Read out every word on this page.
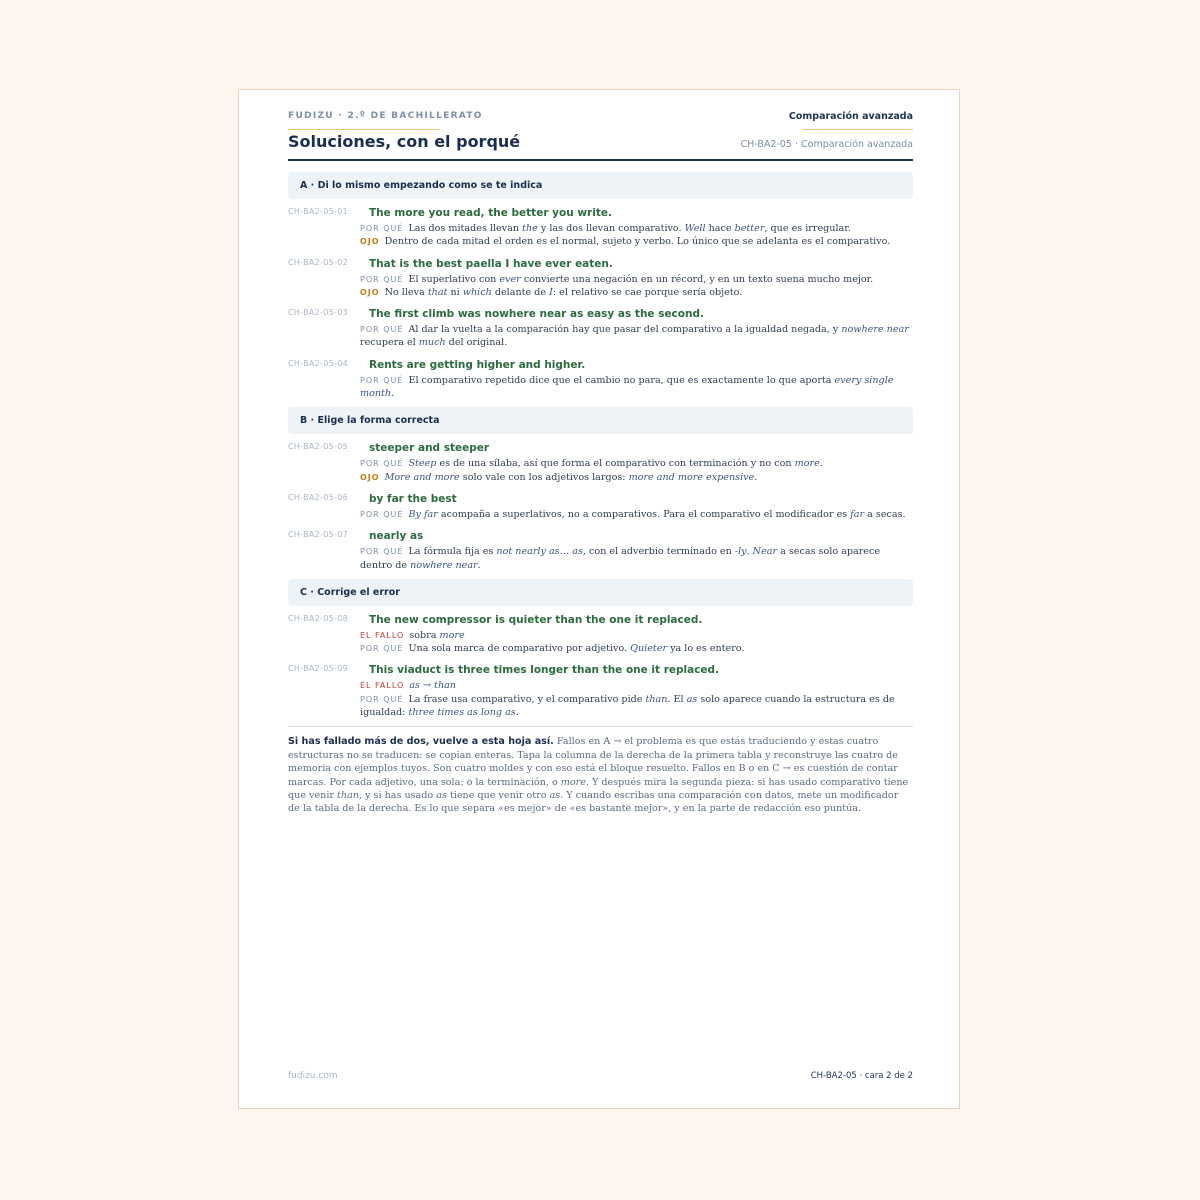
FUDIZU · 2.º DE BACHILLERATO	Comparación avanzada
Soluciones, con el porqué	CH-BA2-05 · Comparación avanzada
A · Di lo mismo empezando como se te indica
CH-BA2-05-01 The more you read, the better you write.
POR QUÉ Las dos mitades llevan the y las dos llevan comparativo. Well hace better, que es irregular.
OJO Dentro de cada mitad el orden es el normal, sujeto y verbo. Lo único que se adelanta es el comparativo.
CH-BA2-05-02 That is the best paella I have ever eaten.
POR QUÉ El superlativo con ever convierte una negación en un récord, y en un texto suena mucho mejor.
OJO No lleva that ni which delante de I: el relativo se cae porque sería objeto.
CH-BA2-05-03 The first climb was nowhere near as easy as the second.
POR QUÉ Al dar la vuelta a la comparación hay que pasar del comparativo a la igualdad negada, y nowhere near recupera el much del original.
CH-BA2-05-04 Rents are getting higher and higher.
POR QUÉ El comparativo repetido dice que el cambio no para, que es exactamente lo que aporta every single month.
B · Elige la forma correcta
CH-BA2-05-05 steeper and steeper
POR QUÉ Steep es de una sílaba, así que forma el comparativo con terminación y no con more.
OJO More and more solo vale con los adjetivos largos: more and more expensive.
CH-BA2-05-06 by far the best
POR QUÉ By far acompaña a superlativos, no a comparativos. Para el comparativo el modificador es far a secas.
CH-BA2-05-07 nearly as
POR QUÉ La fórmula fija es not nearly as… as, con el adverbio terminado en -ly. Near a secas solo aparece dentro de nowhere near.
C · Corrige el error
CH-BA2-05-08 The new compressor is quieter than the one it replaced.
EL FALLO sobra more
POR QUÉ Una sola marca de comparativo por adjetivo. Quieter ya lo es entero.
CH-BA2-05-09 This viaduct is three times longer than the one it replaced.
EL FALLO as → than
POR QUÉ La frase usa comparativo, y el comparativo pide than. El as solo aparece cuando la estructura es de igualdad: three times as long as.
Si has fallado más de dos, vuelve a esta hoja así. Fallos en A → el problema es que estás traduciendo y estas cuatro estructuras no se traducen: se copian enteras. Tapa la columna de la derecha de la primera tabla y reconstruye las cuatro de memoria con ejemplos tuyos. Son cuatro moldes y con eso está el bloque resuelto. Fallos en B o en C → es cuestión de contar marcas. Por cada adjetivo, una sola: o la terminación, o more. Y después mira la segunda pieza: si has usado comparativo tiene que venir than, y si has usado as tiene que venir otro as. Y cuando escribas una comparación con datos, mete un modificador de la tabla de la derecha. Es lo que separa «es mejor» de «es bastante mejor», y en la parte de redacción eso puntúa.
fudizu.com	CH-BA2-05 · cara 2 de 2
